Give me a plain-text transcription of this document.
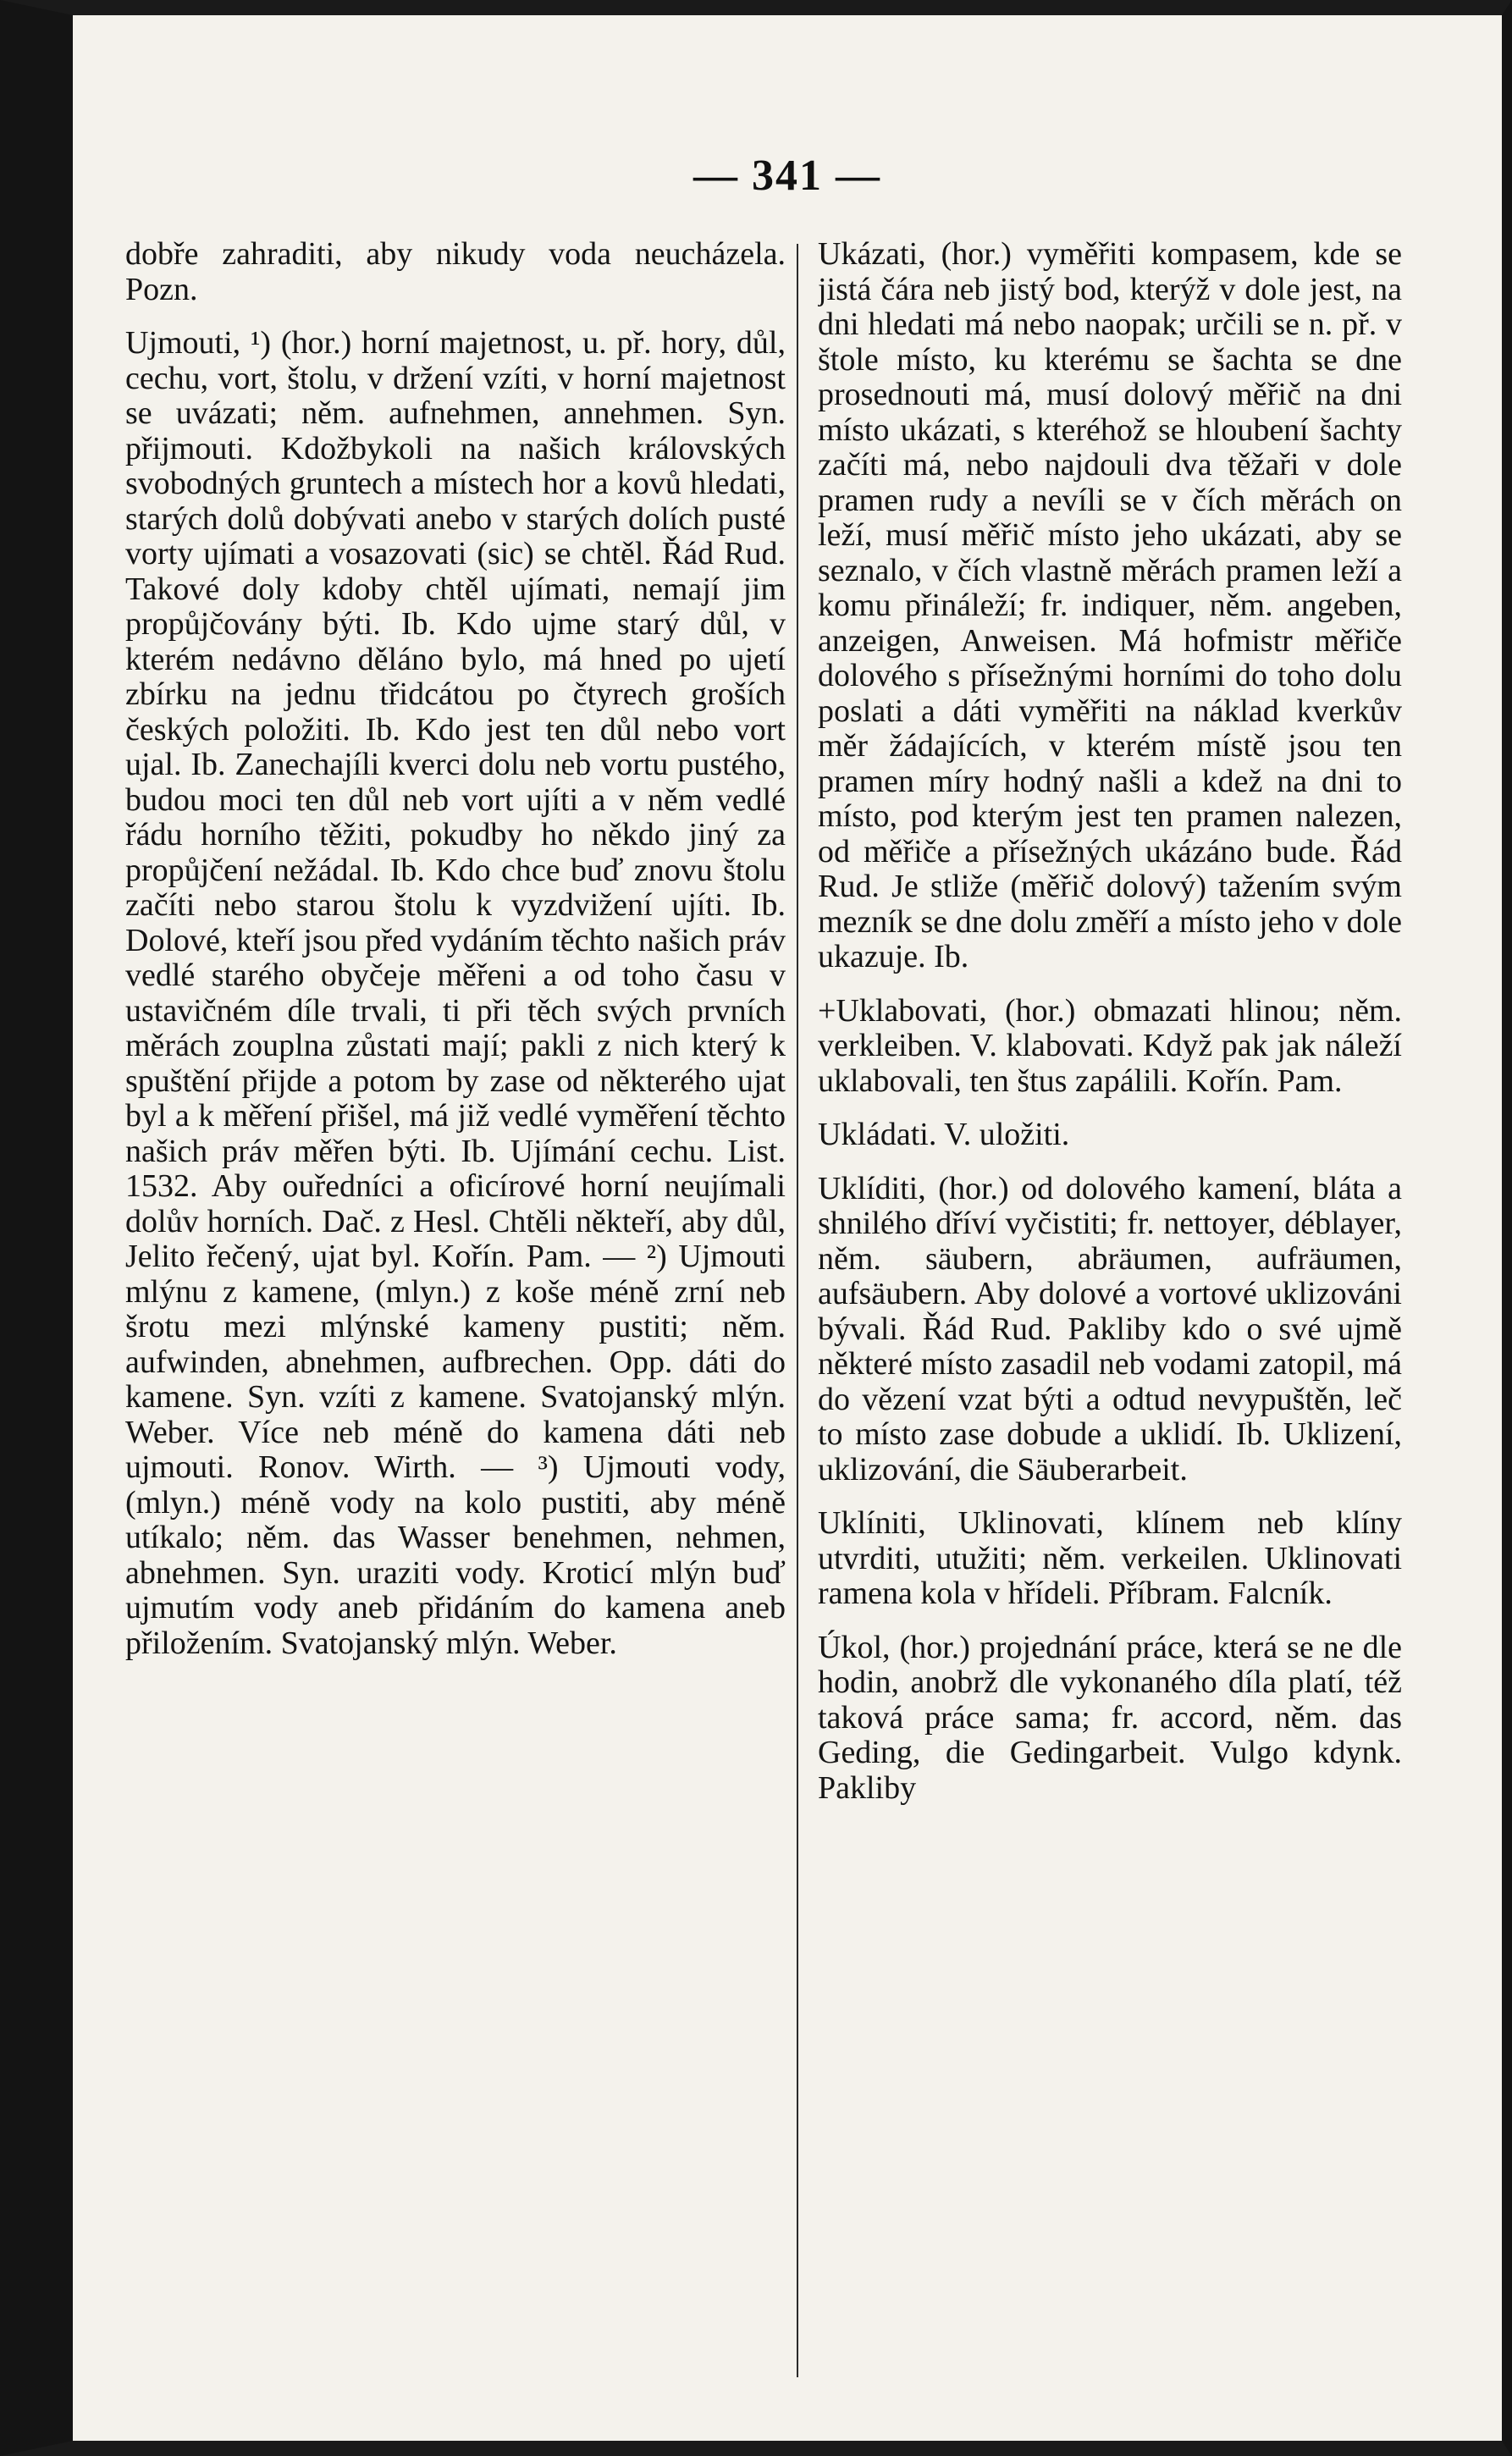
— 341 —

dobře zahraditi, aby nikudy voda neucházela. Pozn.

Ujmouti, ¹) (hor.) horní majetnost, u. př. hory, důl, cechu, vort, štolu, v držení vzíti, v horní majetnost se uvázati; něm. aufnehmen, annehmen. Syn. přijmouti. Kdožbykoli na našich královských svobodných gruntech a místech hor a kovů hledati, starých dolů dobývati anebo v starých dolích pusté vorty ujímati a vosazovati (sic) se chtěl. Řád Rud. Takové doly kdoby chtěl ujímati, nemají jim propůjčovány býti. Ib. Kdo ujme starý důl, v kterém nedávno děláno bylo, má hned po ujetí zbírku na jednu třidcátou po čtyrech groších českých položiti. Ib. Kdo jest ten důl nebo vort ujal. Ib. Zanechajíli kverci dolu neb vortu pustého, budou moci ten důl neb vort ujíti a v něm vedlé řádu horního těžiti, pokudby ho někdo jiný za propůjčení nežádal. Ib. Kdo chce buď znovu štolu začíti nebo starou štolu k vyzdvižení ujíti. Ib. Dolové, kteří jsou před vydáním těchto našich práv vedlé starého obyčeje měřeni a od toho času v ustavičném díle trvali, ti při těch svých prvních měrách zouplna zůstati mají; pakli z nich který k spuštění přijde a potom by zase od některého ujat byl a k měření přišel, má již vedlé vyměření těchto našich práv měřen býti. Ib. Ujímání cechu. List. 1532. Aby ouředníci a oficírové horní neujímali dolův horních. Dač. z Hesl. Chtěli někteří, aby důl, Jelito řečený, ujat byl. Kořín. Pam. — ²) Ujmouti mlýnu z kamene, (mlyn.) z koše méně zrní neb šrotu mezi mlýnské kameny pustiti; něm. aufwinden, abnehmen, aufbrechen. Opp. dáti do kamene. Syn. vzíti z kamene. Svatojanský mlýn. Weber. Více neb méně do kamena dáti neb ujmouti. Ronov. Wirth. — ³) Ujmouti vody, (mlyn.) méně vody na kolo pustiti, aby méně utíkalo; něm. das Wasser benehmen, nehmen, abnehmen. Syn. uraziti vody. Kroticí mlýn buď ujmutím vody aneb přidáním do kamena aneb přiložením. Svatojanský mlýn. Weber.

Ukázati, (hor.) vyměřiti kompasem, kde se jistá čára neb jistý bod, kterýž v dole jest, na dni hledati má nebo naopak; určili se n. př. v štole místo, ku kterému se šachta se dne prosednouti má, musí dolový měřič na dni místo ukázati, s kteréhož se hloubení šachty začíti má, nebo najdouli dva těžaři v dole pramen rudy a nevíli se v čích měrách on leží, musí měřič místo jeho ukázati, aby se seznalo, v čích vlastně měrách pramen leží a komu přináleží; fr. indiquer, něm. angeben, anzeigen, Anweisen. Má hofmistr měřiče dolového s přísežnými horními do toho dolu poslati a dáti vyměřiti na náklad kverkův měr žádajících, v kterém místě jsou ten pramen míry hodný našli a kdež na dni to místo, pod kterým jest ten pramen nalezen, od měřiče a přísežných ukázáno bude. Řád Rud. Je stliže (měřič dolový) tažením svým mezník se dne dolu změří a místo jeho v dole ukazuje. Ib.

+Uklabovati, (hor.) obmazati hlinou; něm. verkleiben. V. klabovati. Když pak jak náleží uklabovali, ten štus zapálili. Kořín. Pam.

Ukládati. V. uložiti.

Uklíditi, (hor.) od dolového kamení, bláta a shnilého dříví vyčistiti; fr. nettoyer, déblayer, něm. säubern, abräumen, aufräumen, aufsäubern. Aby dolové a vortové uklizováni bývali. Řád Rud. Pakliby kdo o své ujmě některé místo zasadil neb vodami zatopil, má do vězení vzat býti a odtud nevypuštěn, leč to místo zase dobude a uklidí. Ib. Uklizení, uklizování, die Säuberarbeit.

Uklíniti, Uklinovati, klínem neb klíny utvrditi, utužiti; něm. verkeilen. Uklinovati ramena kola v hřídeli. Příbram. Falcník.

Úkol, (hor.) projednání práce, která se ne dle hodin, anobrž dle vykonaného díla platí, též taková práce sama; fr. accord, něm. das Geding, die Gedingarbeit. Vulgo kdynk. Pakliby
